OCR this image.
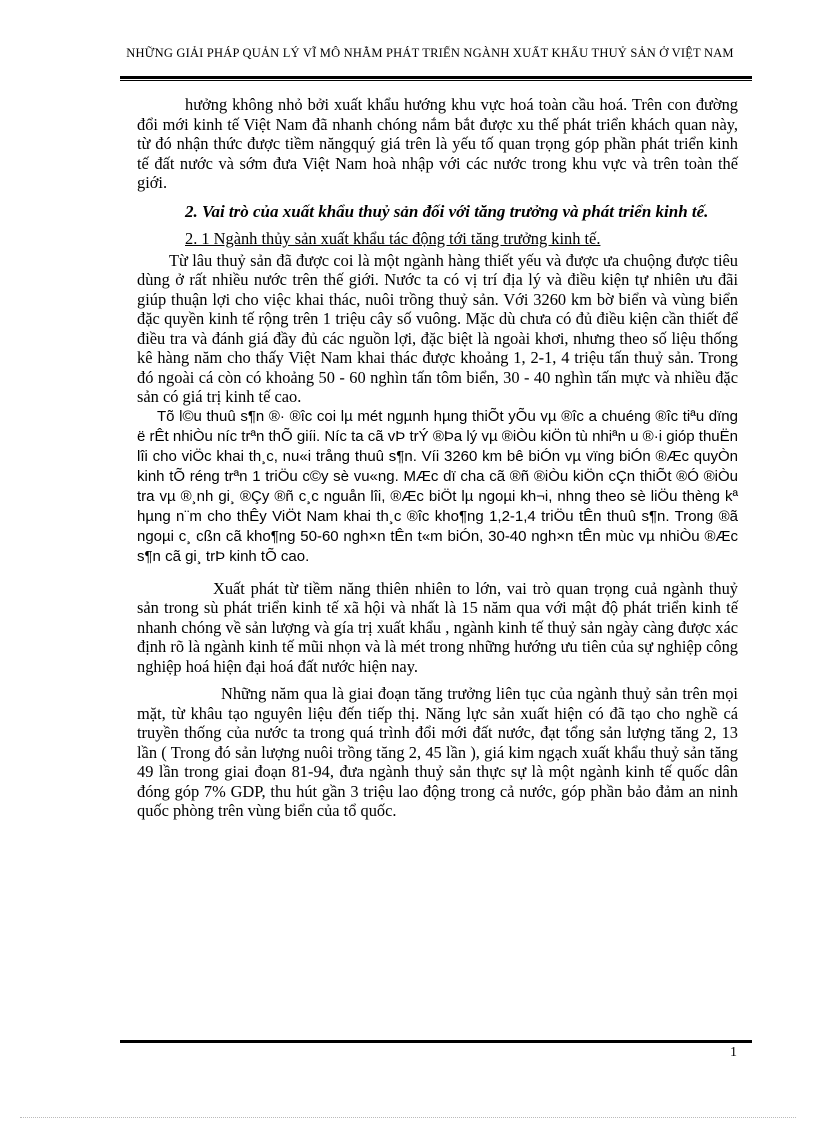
NHỮNG GIẢI PHÁP QUẢN LÝ VĨ MÔ NHẰM PHÁT TRIỂN NGÀNH XUẤT KHẨU THUỶ SẢN Ở VIỆT NAM

hưởng không nhỏ bởi xuất khẩu hướng khu vực hoá toàn cầu hoá. Trên con đường đổi mới kinh tế Việt Nam đã nhanh chóng nắm bắt được xu thế phát triển khách quan này, từ đó nhận thức được tiềm năngquý giá trên là yếu tố quan trọng góp phần phát triển kinh tế đất nước và sớm đưa Việt Nam hoà nhập với các nước trong khu vực và trên toàn thế giới.

2. Vai trò của xuất khẩu thuỷ sản đối với tăng trưởng và phát triển kinh tế.

2. 1 Ngành thủy sản xuất khẩu tác động tới tăng trưởng kinh tế.

Từ lâu thuỷ sản đã được coi là một ngành hàng thiết yếu và được ưa chuộng được tiêu dùng ở rất nhiều nước trên thế giới. Nước ta có vị trí địa lý và điều kiện tự nhiên ưu đãi giúp thuận lợi cho việc khai thác, nuôi trồng thuỷ sản. Với 3260 km bờ biển và vùng biển đặc quyền kinh tế rộng trên 1 triệu cây số vuông. Mặc dù chưa có đủ điều kiện cần thiết để điều tra và đánh giá đầy đủ các nguồn lợi, đặc biệt là ngoài khơi, nhưng theo số liệu thống kê hàng năm cho thấy Việt Nam khai thác được khoảng 1, 2-1, 4 triệu tấn thuỷ sản. Trong đó ngoài cá còn có khoảng 50 - 60 nghìn tấn tôm biển, 30 - 40 nghìn tấn mực và nhiều đặc sản có giá trị kinh tế cao.

Tõ l©u thuû s¶n ®· ®îc coi lµ mét ngµnh hµng thiÕt yÕu vµ ®îc a chuéng ®îc tiªu dïng ë rÊt nhiÒu níc trªn thÕ giíi. Níc ta cã vÞ trÝ ®Þa lý vµ ®iÒu kiÖn tù nhiªn u ®·i gióp thuËn lîi cho viÖc khai th¸c, nu«i trång thuû s¶n. Víi 3260 km bê biÓn vµ vïng biÓn ®Æc quyÒn kinh tÕ réng trªn 1 triÖu c©y sè vu«ng. MÆc dï cha cã ®ñ ®iÒu kiÖn cÇn thiÕt ®Ó ®iÒu tra vµ ®¸nh gi¸ ®Çy ®ñ c¸c nguån lîi, ®Æc biÖt lµ ngoµi kh¬i, nhng theo sè liÖu thèng kª hµng n¨m cho thÊy ViÖt Nam khai th¸c ®îc kho¶ng 1,2-1,4 triÖu tÊn thuû s¶n. Trong ®ã ngoµi c¸ cßn cã kho¶ng 50-60 ngh×n tÊn t«m biÓn, 30-40 ngh×n tÊn mùc vµ nhiÒu ®Æc s¶n cã gi¸ trÞ kinh tÕ cao.

Xuất phát từ tiềm năng thiên nhiên to lớn, vai trò quan trọng cuả ngành thuỷ sản trong sù phát triển kinh tế xã hội và nhất là 15 năm qua với mật độ phát triển kinh tế nhanh chóng về sản lượng và gía trị xuất khẩu , ngành kinh tế thuỷ sản ngày càng được xác định rõ là ngành kinh tế mũi nhọn và là mét trong những hướng ưu tiên của sự nghiệp công nghiệp hoá hiện đại hoá đất nước hiện nay.

Những năm qua là giai đoạn tăng trưởng liên tục của ngành thuỷ sản trên mọi mặt, từ khâu tạo nguyên liệu đến tiếp thị. Năng lực sản xuất hiện có đã tạo cho nghề cá truyền thống của nước ta trong quá trình đổi mới đất nước, đạt tổng sản lượng tăng 2, 13 lần ( Trong đó sản lượng nuôi trồng tăng 2, 45 lần ), giá kim ngạch xuất khẩu thuỷ sản tăng 49 lần trong giai đoạn 81-94, đưa ngành thuỷ sản thực sự là một ngành kinh tế quốc dân đóng góp 7% GDP, thu hút gần 3 triệu lao động trong cả nước, góp phần bảo đảm an ninh quốc phòng trên vùng biển của tổ quốc.

1
